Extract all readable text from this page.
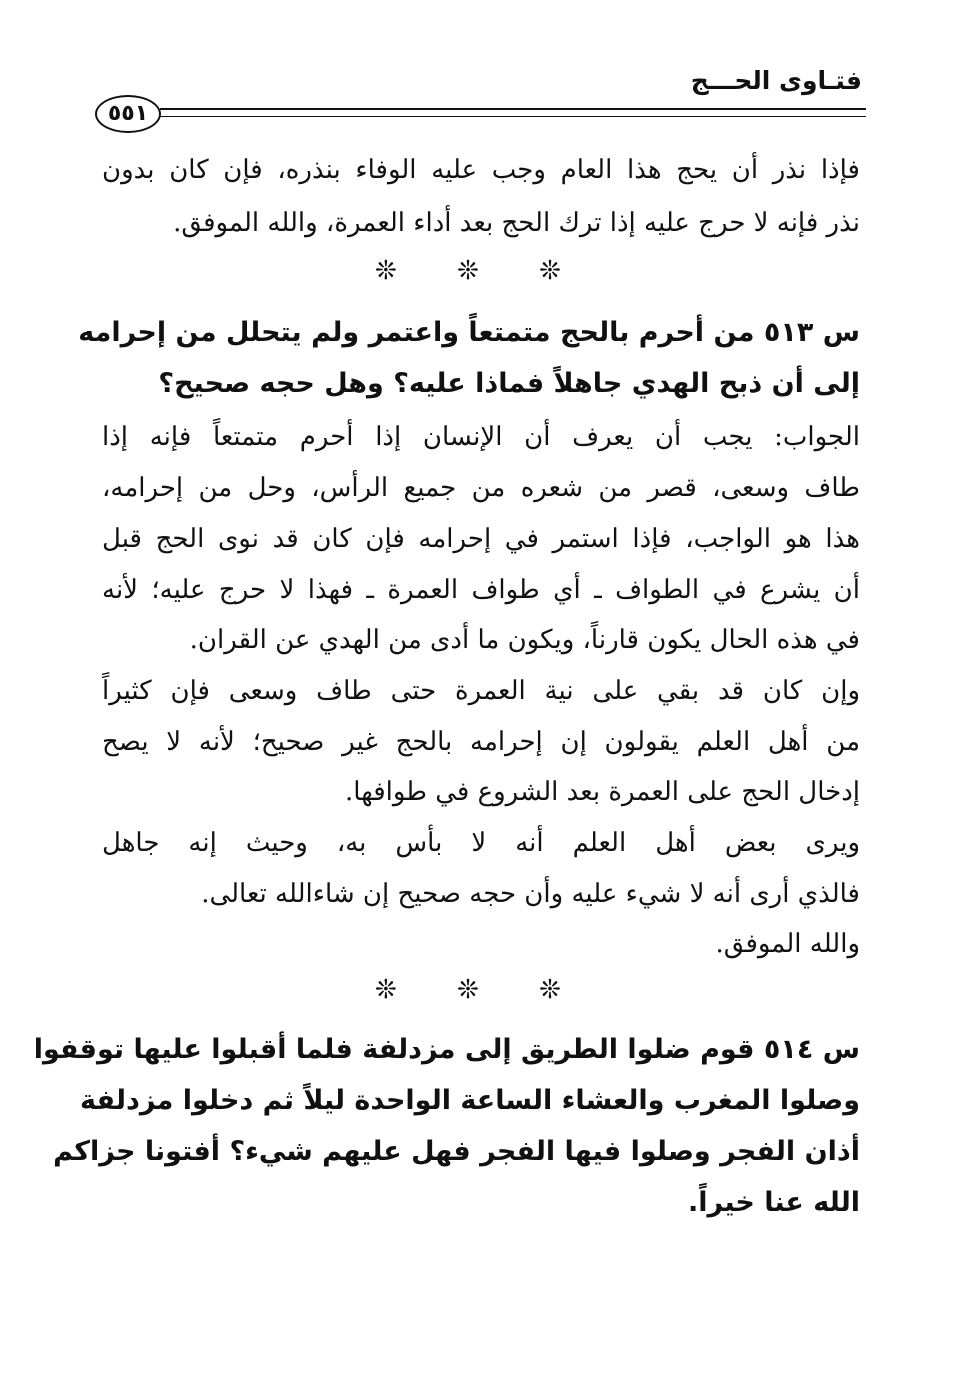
فتـاوى الحـــج
٥٥١
فإذا نذر أن يحج هذا العام وجب عليه الوفاء بنذره، فإن كان بدون
نذر فإنه لا حرج عليه إذا ترك الحج بعد أداء العمرة، والله الموفق.
❊ ❊ ❊
س ٥١٣ من أحرم بالحج متمتعاً واعتمر ولم يتحلل من إحرامه
إلى أن ذبح الهدي جاهلاً فماذا عليه؟ وهل حجه صحيح؟
الجواب: يجب أن يعرف أن الإنسان إذا أحرم متمتعاً فإنه إذا
طاف وسعى، قصر من شعره من جميع الرأس، وحل من إحرامه،
هذا هو الواجب، فإذا استمر في إحرامه فإن كان قد نوى الحج قبل
أن يشرع في الطواف ـ أي طواف العمرة ـ فهذا لا حرج عليه؛ لأنه
في هذه الحال يكون قارناً، ويكون ما أدى من الهدي عن القران.
وإن كان قد بقي على نية العمرة حتى طاف وسعى فإن كثيراً
من أهل العلم يقولون إن إحرامه بالحج غير صحيح؛ لأنه لا يصح
إدخال الحج على العمرة بعد الشروع في طوافها.
ويرى بعض أهل العلم أنه لا بأس به، وحيث إنه جاهل
فالذي أرى أنه لا شيء عليه وأن حجه صحيح إن شاءالله تعالى.
والله الموفق.
❊ ❊ ❊
س ٥١٤ قوم ضلوا الطريق إلى مزدلفة فلما أقبلوا عليها توقفوا
وصلوا المغرب والعشاء الساعة الواحدة ليلاً ثم دخلوا مزدلفة
أذان الفجر وصلوا فيها الفجر فهل عليهم شيء؟ أفتونا جزاكم
الله عنا خيراً.
